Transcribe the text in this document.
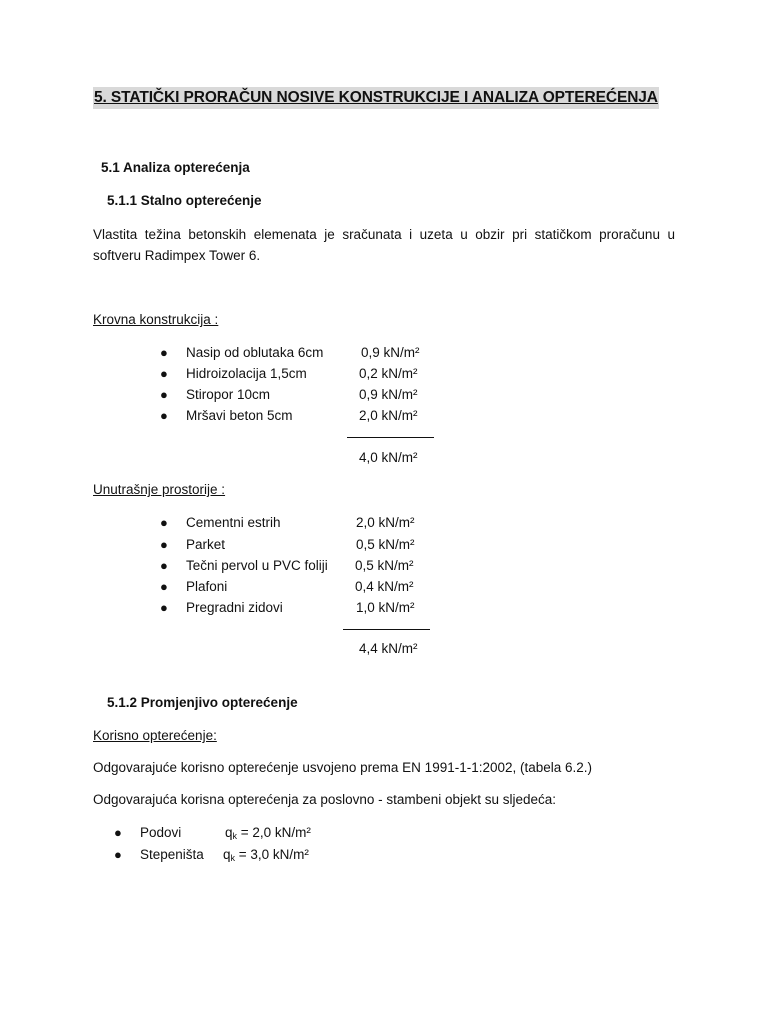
5. STATIČKI PRORAČUN NOSIVE KONSTRUKCIJE I ANALIZA OPTEREĆENJA
5.1 Analiza opterećenja
5.1.1 Stalno opterećenje
Vlastita težina betonskih elemenata je sračunata i uzeta u obzir pri statičkom proračunu u softveru Radimpex Tower 6.
Krovna konstrukcija :
● Nasip od oblutaka 6cm	0,9 kN/m²
● Hidroizolacija 1,5cm	0,2 kN/m²
● Stiropor 10cm	0,9 kN/m²
● Mršavi beton 5cm	2,0 kN/m²
4,0 kN/m²
Unutrašnje prostorije :
● Cementni estrih	2,0 kN/m²
● Parket	0,5 kN/m²
● Tečni pervol u PVC foliji 0,5 kN/m²
● Plafoni	0,4 kN/m²
● Pregradni zidovi	1,0 kN/m²
4,4 kN/m²
5.1.2 Promjenjivo opterećenje
Korisno opterećenje:
Odgovarajuće korisno opterećenje usvojeno prema EN 1991-1-1:2002, (tabela 6.2.)
Odgovarajuća korisna opterećenja za poslovno - stambeni objekt su sljedeća:
● Podovi	$q_k = 2,0$ kN/m²
● Stepeništa $q_k = 3,0$ kN/m²
